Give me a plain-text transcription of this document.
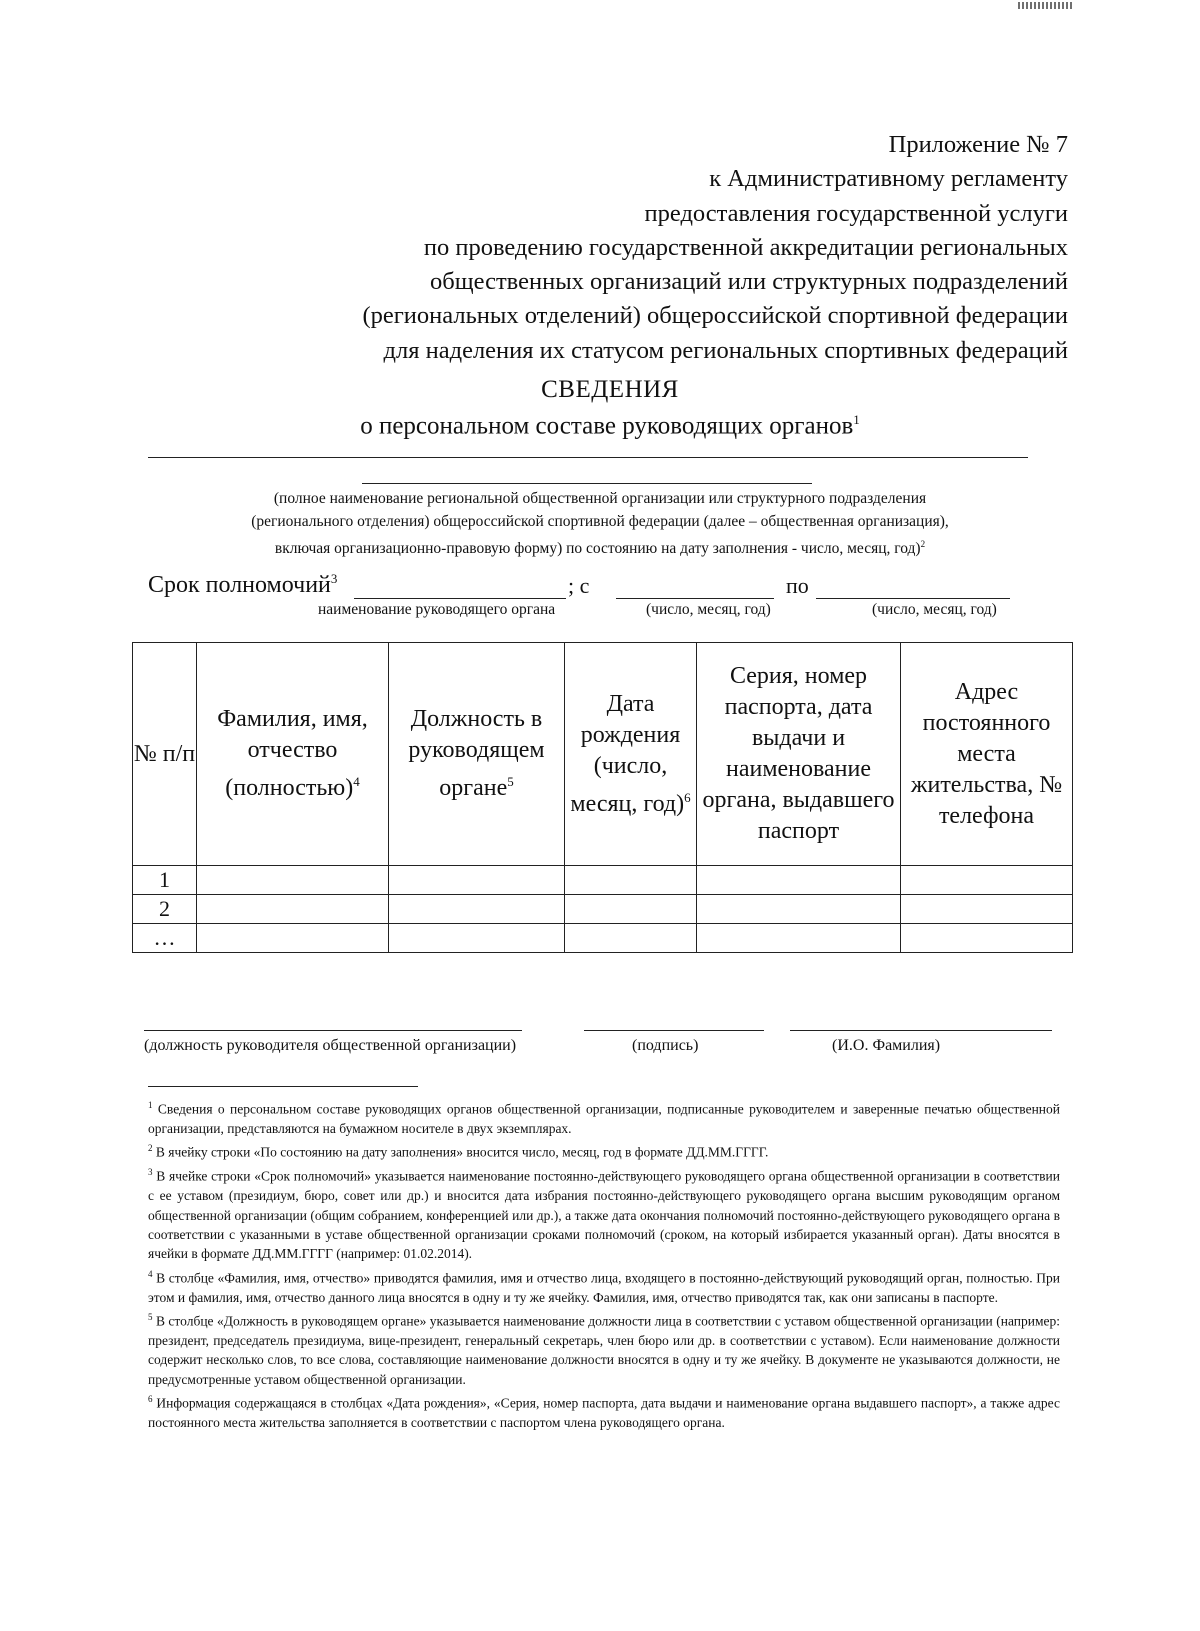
Приложение № 7
к Административному регламенту
предоставления государственной услуги
по проведению государственной аккредитации региональных
общественных организаций или структурных подразделений
(региональных отделений) общероссийской спортивной федерации
для наделения их статусом региональных спортивных федераций
СВЕДЕНИЯ
о персональном составе руководящих органов$^1$
(полное наименование региональной общественной организации или структурного подразделения
(регионального отделения) общероссийской спортивной федерации (далее – общественная организация),
включая организационно-правовую форму) по состоянию на дату заполнения - число, месяц, год)$^2$
Срок полномочий$^3$	; с	по
наименование руководящего органа	(число, месяц, год)	(число, месяц, год)
№ п/п	Фамилия, имя, отчество (полностью)$^4$	Должность в руководящем органе$^5$	Дата рождения (число, месяц, год)$^6$	Серия, номер паспорта, дата выдачи и наименование органа, выдавшего паспорт	Адрес постоянного места жительства, № телефона
1					
2					
…					
(должность руководителя общественной организации)	(подпись)	(И.О. Фамилия)

$^1$ Сведения о персональном составе руководящих органов общественной организации, подписанные руководителем и заверенные печатью общественной организации, представляются на бумажном носителе в двух экземплярах.

$^2$ В ячейку строки «По состоянию на дату заполнения» вносится число, месяц, год в формате ДД.ММ.ГГГГ.

$^3$ В ячейке строки «Срок полномочий» указывается наименование постоянно-действующего руководящего органа общественной организации в соответствии с ее уставом (президиум, бюро, совет или др.) и вносится дата избрания постоянно-действующего руководящего органа высшим руководящим органом общественной организации (общим собранием, конференцией или др.), а также дата окончания полномочий постоянно-действующего руководящего органа в соответствии с указанными в уставе общественной организации сроками полномочий (сроком, на который избирается указанный орган). Даты вносятся в ячейки в формате ДД.ММ.ГГГГ (например: 01.02.2014).

$^4$ В столбце «Фамилия, имя, отчество» приводятся фамилия, имя и отчество лица, входящего в постоянно-действующий руководящий орган, полностью. При этом и фамилия, имя, отчество данного лица вносятся в одну и ту же ячейку. Фамилия, имя, отчество приводятся так, как они записаны в паспорте.

$^5$ В столбце «Должность в руководящем органе» указывается наименование должности лица в соответствии с уставом общественной организации (например: президент, председатель президиума, вице-президент, генеральный секретарь, член бюро или др. в соответствии с уставом). Если наименование должности содержит несколько слов, то все слова, составляющие наименование должности вносятся в одну и ту же ячейку. В документе не указываются должности, не предусмотренные уставом общественной организации.

$^6$ Информация содержащаяся в столбцах «Дата рождения», «Серия, номер паспорта, дата выдачи и наименование органа выдавшего паспорт», а также адрес постоянного места жительства заполняется в соответствии с паспортом члена руководящего органа.
